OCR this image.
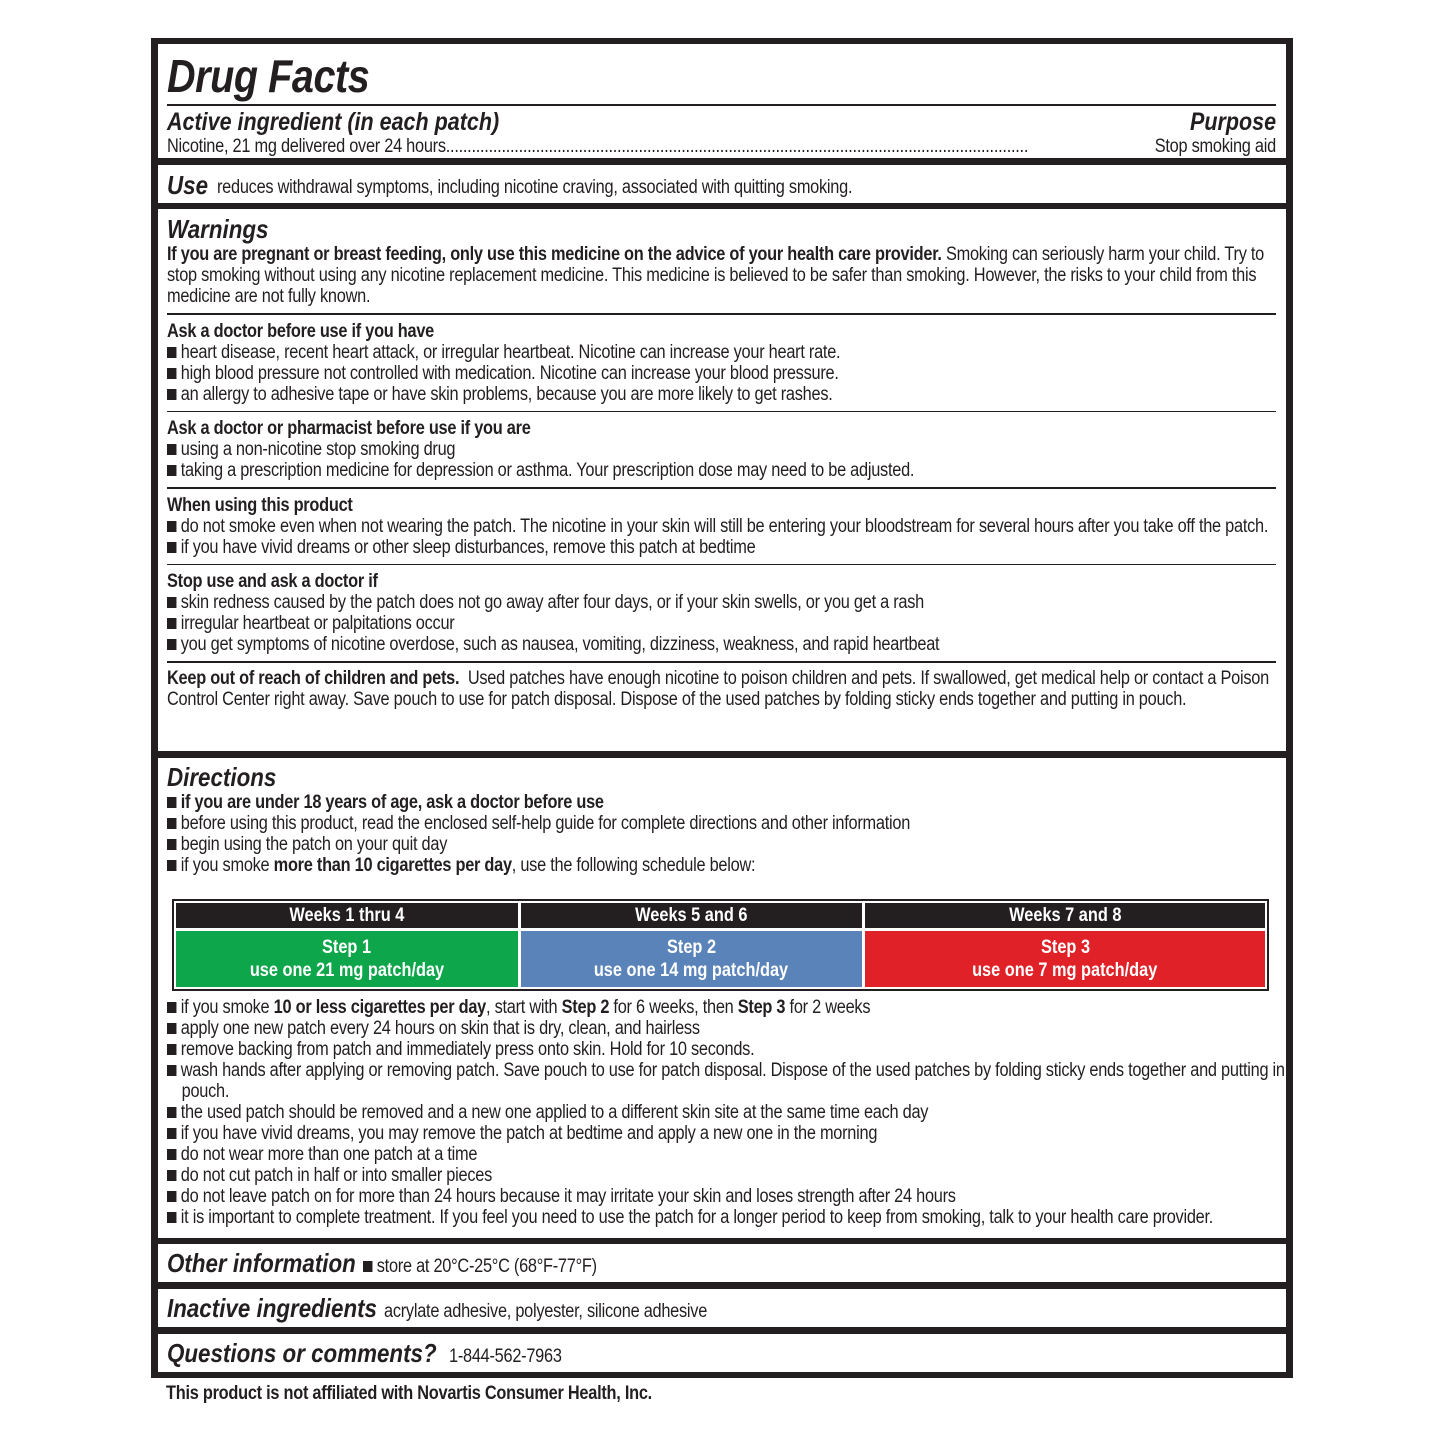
Drug Facts
Active ingredient (in each patch)	Purpose
Nicotine, 21 mg delivered over 24 hours........................................................................................................................................	Stop smoking aid
Use reduces withdrawal symptoms, including nicotine craving, associated with quitting smoking.
Warnings
If you are pregnant or breast feeding, only use this medicine on the advice of your health care provider. Smoking can seriously harm your child. Try to stop smoking without using any nicotine replacement medicine. This medicine is believed to be safer than smoking. However, the risks to your child from this medicine are not fully known.
Ask a doctor before use if you have
heart disease, recent heart attack, or irregular heartbeat. Nicotine can increase your heart rate.
high blood pressure not controlled with medication. Nicotine can increase your blood pressure.
an allergy to adhesive tape or have skin problems, because you are more likely to get rashes.
Ask a doctor or pharmacist before use if you are
using a non-nicotine stop smoking drug
taking a prescription medicine for depression or asthma. Your prescription dose may need to be adjusted.
When using this product
do not smoke even when not wearing the patch. The nicotine in your skin will still be entering your bloodstream for several hours after you take off the patch.
if you have vivid dreams or other sleep disturbances, remove this patch at bedtime
Stop use and ask a doctor if
skin redness caused by the patch does not go away after four days, or if your skin swells, or you get a rash
irregular heartbeat or palpitations occur
you get symptoms of nicotine overdose, such as nausea, vomiting, dizziness, weakness, and rapid heartbeat
Keep out of reach of children and pets.  Used patches have enough nicotine to poison children and pets. If swallowed, get medical help or contact a Poison Control Center right away. Save pouch to use for patch disposal. Dispose of the used patches by folding sticky ends together and putting in pouch.
Directions
if you are under 18 years of age, ask a doctor before use
before using this product, read the enclosed self-help guide for complete directions and other information
begin using the patch on your quit day
if you smoke more than 10 cigarettes per day, use the following schedule below:
Weeks 1 thru 4
Step 1
use one 21 mg patch/day
Weeks 5 and 6
Step 2
use one 14 mg patch/day
Weeks 7 and 8
Step 3
use one 7 mg patch/day
if you smoke 10 or less cigarettes per day, start with Step 2 for 6 weeks, then Step 3 for 2 weeks
apply one new patch every 24 hours on skin that is dry, clean, and hairless
remove backing from patch and immediately press onto skin. Hold for 10 seconds.
wash hands after applying or removing patch. Save pouch to use for patch disposal. Dispose of the used patches by folding sticky ends together and putting in pouch.
the used patch should be removed and a new one applied to a different skin site at the same time each day
if you have vivid dreams, you may remove the patch at bedtime and apply a new one in the morning
do not wear more than one patch at a time
do not cut patch in half or into smaller pieces
do not leave patch on for more than 24 hours because it may irritate your skin and loses strength after 24 hours
it is important to complete treatment. If you feel you need to use the patch for a longer period to keep from smoking, talk to your health care provider.
Other information store at 20°C-25°C (68°F-77°F)
Inactive ingredients acrylate adhesive, polyester, silicone adhesive
Questions or comments? 1-844-562-7963
This product is not affiliated with Novartis Consumer Health, Inc.
